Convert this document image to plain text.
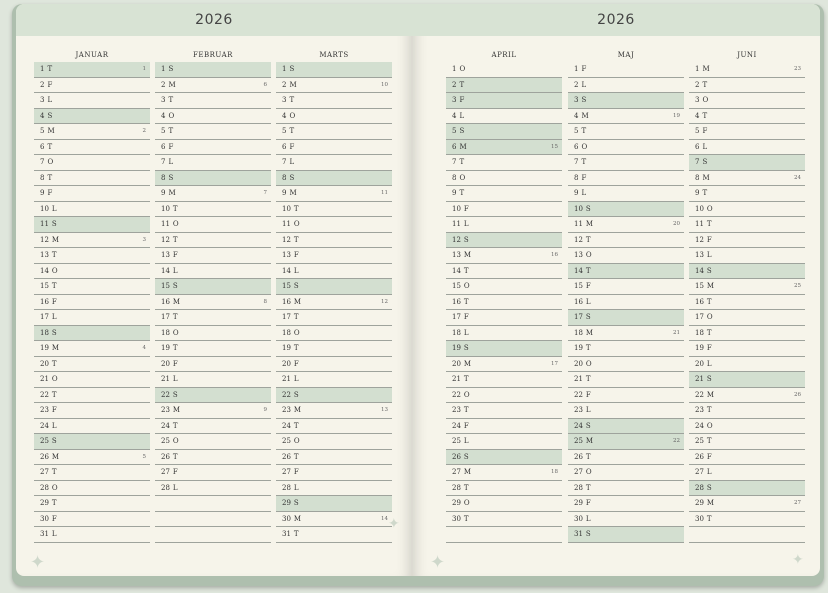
2026
JANUAR
1 T	1
2 F
3 L
4 S
5 M	2
6 T
7 O
8 T
9 F
10 L
11 S
12 M	3
13 T
14 O
15 T
16 F
17 L
18 S
19 M	4
20 T
21 O
22 T
23 F
24 L
25 S
26 M	5
27 T
28 O
29 T
30 F
31 L
FEBRUAR
1 S
2 M	6
3 T
4 O
5 T
6 F
7 L
8 S
9 M	7
10 T
11 O
12 T
13 F
14 L
15 S
16 M	8
17 T
18 O
19 T
20 F
21 L
22 S
23 M	9
24 T
25 O
26 T
27 F
28 L
MARTS
1 S
2 M	10
3 T
4 O
5 T
6 F
7 L
8 S
9 M	11
10 T
11 O
12 T
13 F
14 L
15 S
16 M	12
17 T
18 O
19 T
20 F
21 L
22 S
23 M	13
24 T
25 O
26 T
27 F
28 L
29 S
30 M	14
31 T
✦
✦
2026
APRIL
1 O
2 T
3 F
4 L
5 S
6 M	15
7 T
8 O
9 T
10 F
11 L
12 S
13 M	16
14 T
15 O
16 T
17 F
18 L
19 S
20 M	17
21 T
22 O
23 T
24 F
25 L
26 S
27 M	18
28 T
29 O
30 T
MAJ
1 F
2 L
3 S
4 M	19
5 T
6 O
7 T
8 F
9 L
10 S
11 M	20
12 T
13 O
14 T
15 F
16 L
17 S
18 M	21
19 T
20 O
21 T
22 F
23 L
24 S
25 M	22
26 T
27 O
28 T
29 F
30 L
31 S
JUNI
1 M	23
2 T
3 O
4 T
5 F
6 L
7 S
8 M	24
9 T
10 O
11 T
12 F
13 L
14 S
15 M	25
16 T
17 O
18 T
19 F
20 L
21 S
22 M	26
23 T
24 O
25 T
26 F
27 L
28 S
29 M	27
30 T
✦	✦
